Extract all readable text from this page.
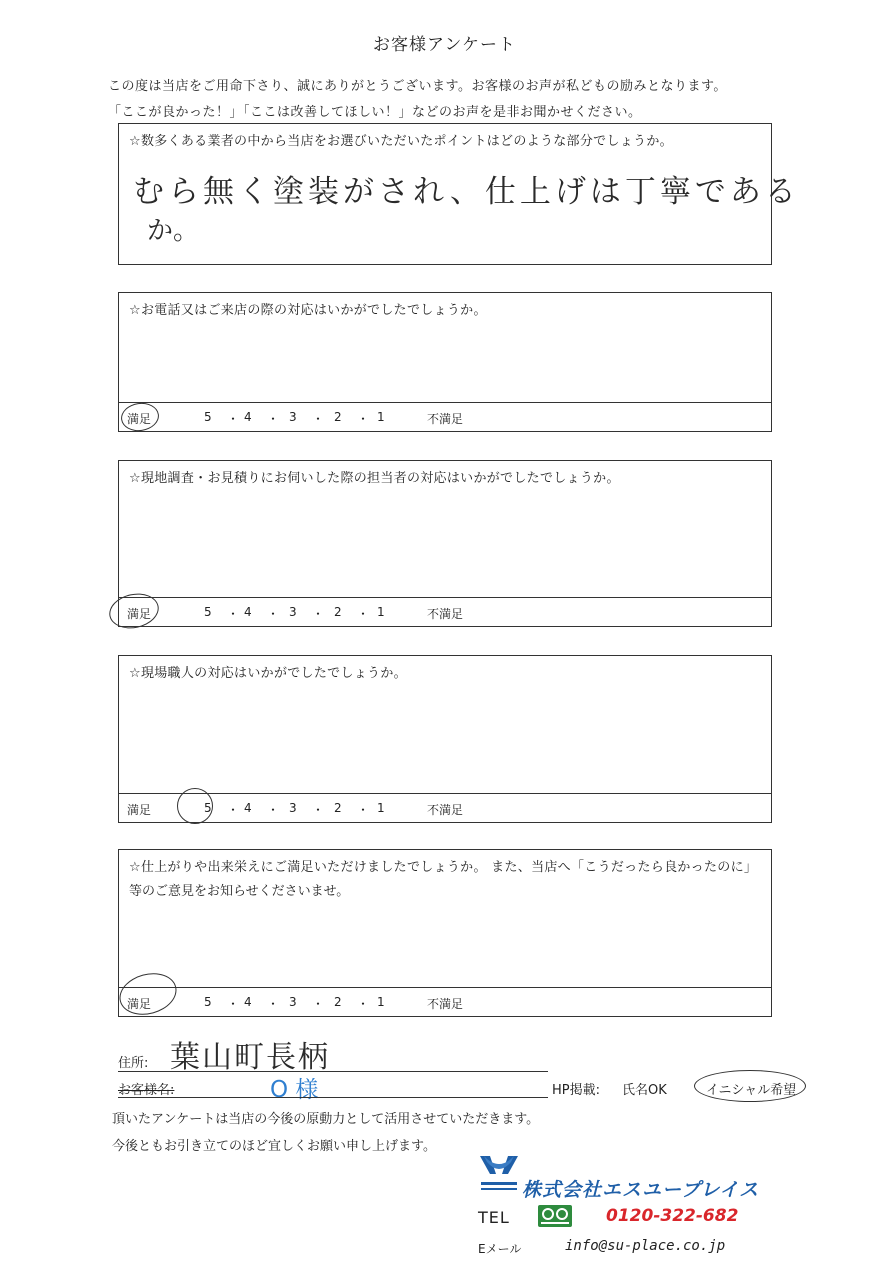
お客様アンケート
この度は当店をご用命下さり、誠にありがとうございます。お客様のお声が私どもの励みとなります。
「ここが良かった！」「ここは改善してほしい！」などのお声を是非お聞かせください。
☆数多くある業者の中から当店をお選びいただいたポイントはどのような部分でしょうか。
むら無く塗装がされ、仕上げは丁寧である
か。
☆お電話又はご来店の際の対応はいかがでしたでしょうか。
満足	5 ・ 4 ・ 3 ・ 2 ・ 1	不満足
☆現地調査・お見積りにお伺いした際の担当者の対応はいかがでしたでしょうか。
満足	5 ・ 4 ・ 3 ・ 2 ・ 1	不満足
☆現場職人の対応はいかがでしたでしょうか。
満足	5 ・ 4 ・ 3 ・ 2 ・ 1	不満足
☆仕上がりや出来栄えにご満足いただけましたでしょうか。 また、当店へ「こうだったら良かったのに」
等のご意見をお知らせくださいませ。
満足	5 ・ 4 ・ 3 ・ 2 ・ 1	不満足
住所: 葉山町長柄
お客様名:	O 様	HP掲載: 氏名OK	イニシャル希望
頂いたアンケートは当店の今後の原動力として活用させていただきます。
今後ともお引き立てのほど宜しくお願い申し上げます。
株式会社エスユープレイス
TEL	0120-322-682
Eメール	info@su-place.co.jp
